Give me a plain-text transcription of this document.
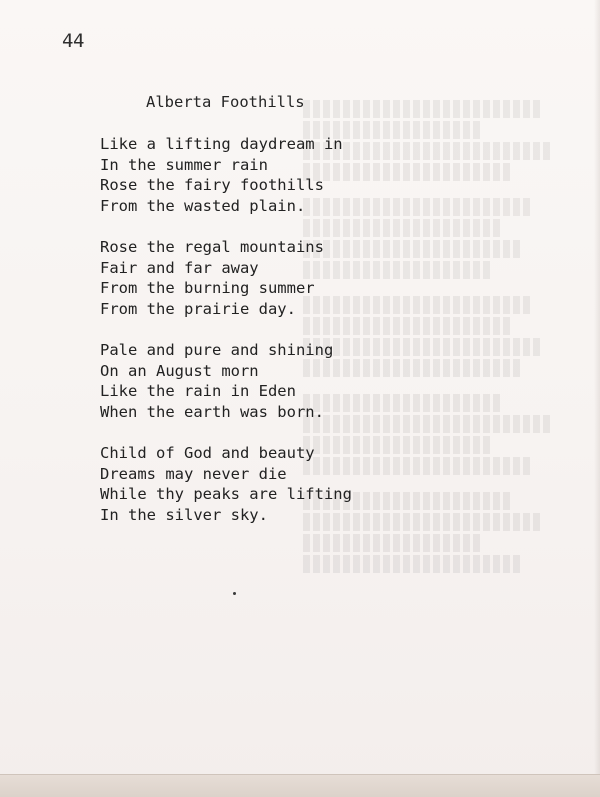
44
Alberta Foothills
Like a lifting daydream in
In the summer rain
Rose the fairy foothills
From the wasted plain.
Rose the regal mountains
Fair and far away
From the burning summer
From the prairie day.
Pale and pure and shining
On an August morn
Like the rain in Eden
When the earth was born.
Child of God and beauty
Dreams may never die
While thy peaks are lifting
In the silver sky.
